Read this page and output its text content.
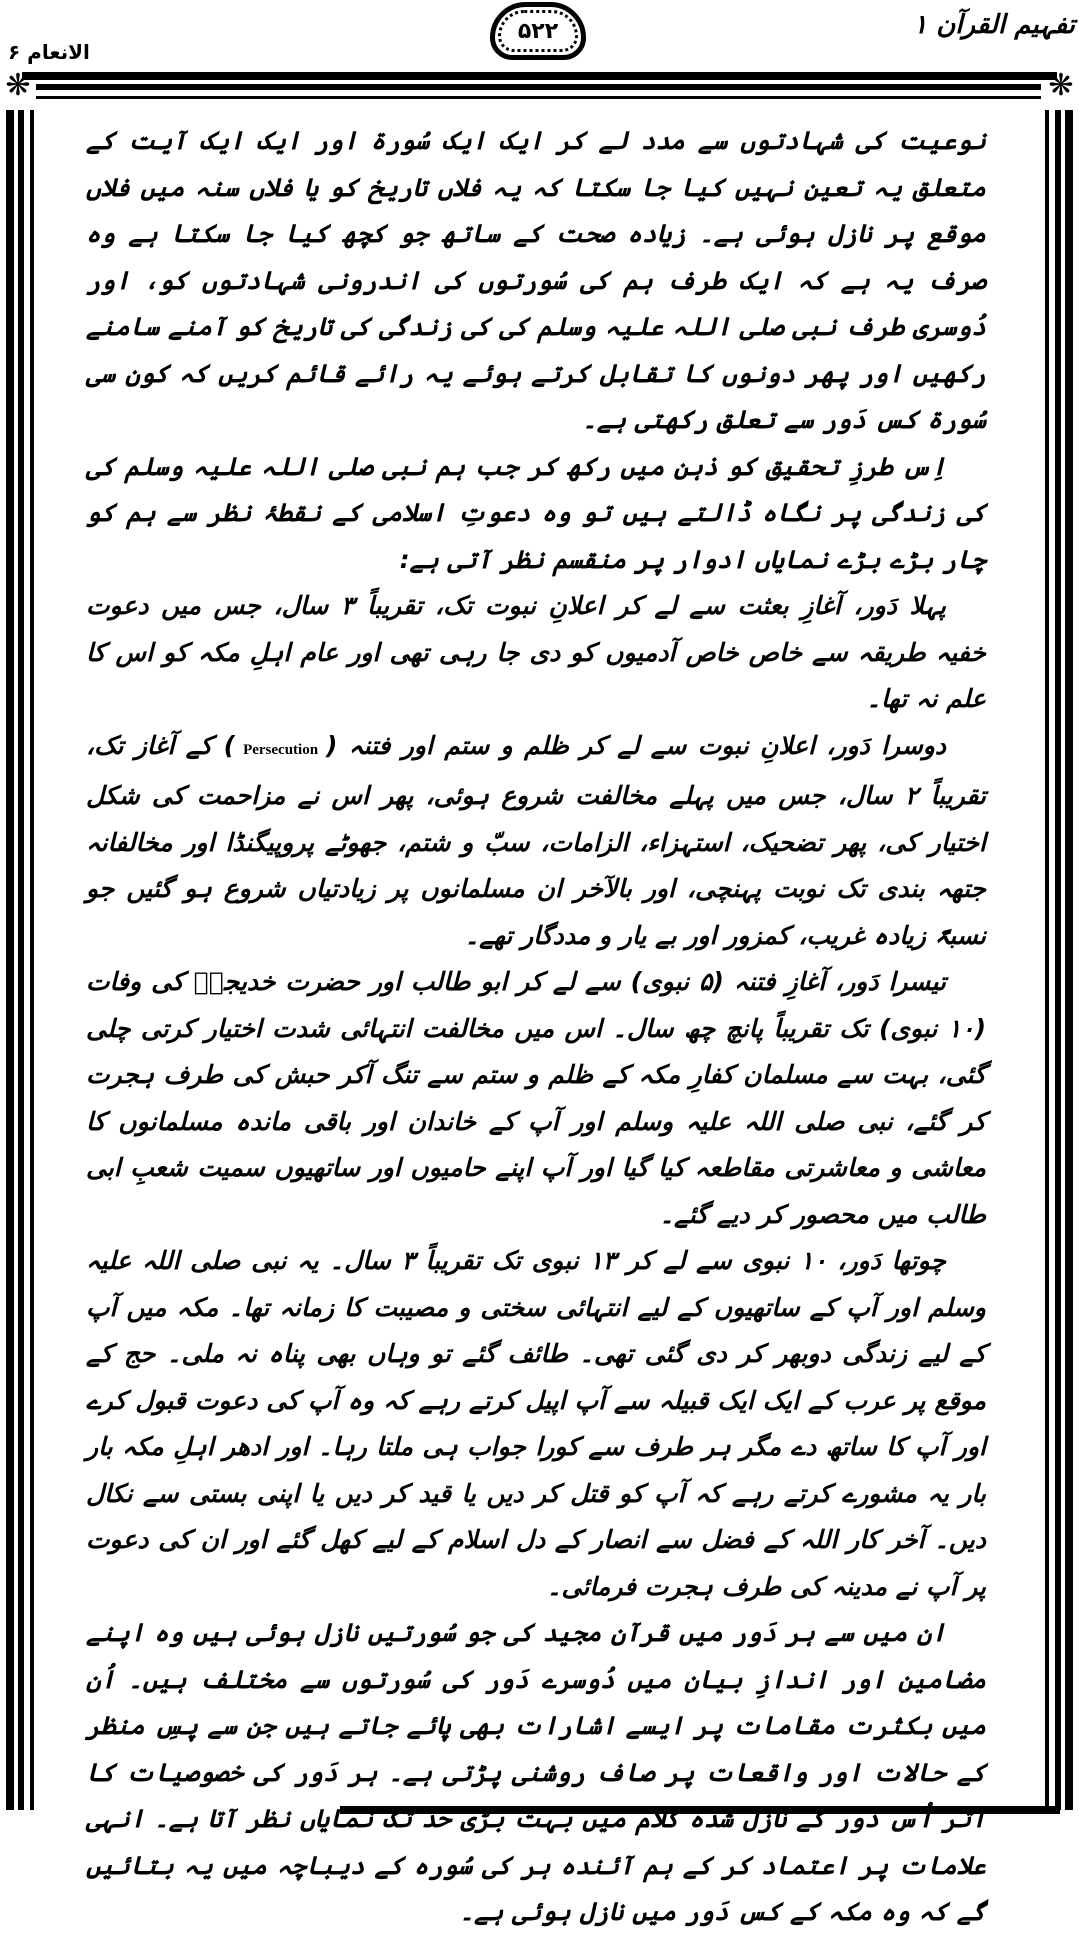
الانعام ۶
۵۲۲	تفہیم القرآن ۱
❋	❋

نوعیت کی شہادتوں سے مدد لے کر ایک ایک سُورۃ اور ایک ایک آیت کے متعلق یہ تعین نہیں کیا جا سکتا کہ یہ فلاں تاریخ کو یا فلاں سنہ میں فلاں موقع پر نازل ہوئی ہے۔ زیادہ صحت کے ساتھ جو کچھ کیا جا سکتا ہے وہ صرف یہ ہے کہ ایک طرف ہم کی سُورتوں کی اندرونی شہادتوں کو، اور دُوسری طرف نبی صلی اللہ علیہ وسلم کی کی زندگی کی تاریخ کو آمنے سامنے رکھیں اور پھر دونوں کا تقابل کرتے ہوئے یہ رائے قائم کریں کہ کون سی سُورۃ کس دَور سے تعلق رکھتی ہے۔

اِس طرزِ تحقیق کو ذہن میں رکھ کر جب ہم نبی صلی اللہ علیہ وسلم کی کی زندگی پر نگاہ ڈالتے ہیں تو وہ دعوتِ اسلامی کے نقطۂ نظر سے ہم کو چار بڑے بڑے نمایاں ادوار پر منقسم نظر آتی ہے:

پہلا دَور، آغازِ بعثت سے لے کر اعلانِ نبوت تک، تقریباً ۳ سال، جس میں دعوت خفیہ طریقہ سے خاص خاص آدمیوں کو دی جا رہی تھی اور عام اہلِ مکہ کو اس کا علم نہ تھا۔

دوسرا دَور، اعلانِ نبوت سے لے کر ظلم و ستم اور فتنہ (Persecution) کے آغاز تک، تقریباً ۲ سال، جس میں پہلے مخالفت شروع ہوئی، پھر اس نے مزاحمت کی شکل اختیار کی، پھر تضحیک، استہزاء، الزامات، سبّ و شتم، جھوٹے پروپیگنڈا اور مخالفانہ جتھہ بندی تک نوبت پہنچی، اور بالآخر ان مسلمانوں پر زیادتیاں شروع ہو گئیں جو نسبۃً زیادہ غریب، کمزور اور بے یار و مددگار تھے۔

تیسرا دَور، آغازِ فتنہ (۵ نبوی) سے لے کر ابو طالب اور حضرت خدیجہؓ کی وفات (۱۰ نبوی) تک تقریباً پانچ چھ سال۔ اس میں مخالفت انتہائی شدت اختیار کرتی چلی گئی، بہت سے مسلمان کفارِ مکہ کے ظلم و ستم سے تنگ آکر حبش کی طرف ہجرت کر گئے، نبی صلی اللہ علیہ وسلم اور آپ کے خاندان اور باقی ماندہ مسلمانوں کا معاشی و معاشرتی مقاطعہ کیا گیا اور آپ اپنے حامیوں اور ساتھیوں سمیت شعبِ ابی طالب میں محصور کر دیے گئے۔

چوتھا دَور، ۱۰ نبوی سے لے کر ۱۳ نبوی تک تقریباً ۳ سال۔ یہ نبی صلی اللہ علیہ وسلم اور آپ کے ساتھیوں کے لیے انتہائی سختی و مصیبت کا زمانہ تھا۔ مکہ میں آپ کے لیے زندگی دوبھر کر دی گئی تھی۔ طائف گئے تو وہاں بھی پناہ نہ ملی۔ حج کے موقع پر عرب کے ایک ایک قبیلہ سے آپ اپیل کرتے رہے کہ وہ آپ کی دعوت قبول کرے اور آپ کا ساتھ دے مگر ہر طرف سے کورا جواب ہی ملتا رہا۔ اور ادھر اہلِ مکہ بار بار یہ مشورے کرتے رہے کہ آپ کو قتل کر دیں یا قید کر دیں یا اپنی بستی سے نکال دیں۔ آخر کار اللہ کے فضل سے انصار کے دل اسلام کے لیے کھل گئے اور ان کی دعوت پر آپ نے مدینہ کی طرف ہجرت فرمائی۔

ان میں سے ہر دَور میں قرآن مجید کی جو سُورتیں نازل ہوئی ہیں وہ اپنے مضامین اور اندازِ بیان میں دُوسرے دَور کی سُورتوں سے مختلف ہیں۔ اُن میں بکثرت مقامات پر ایسے اشارات بھی پائے جاتے ہیں جن سے پسِ منظر کے حالات اور واقعات پر صاف روشنی پڑتی ہے۔ ہر دَور کی خصوصیات کا اثر اُس دَور کے نازل شدہ کلام میں بہت بڑی حد تک نمایاں نظر آتا ہے۔ انہی علامات پر اعتماد کر کے ہم آئندہ ہر کی سُورہ کے دیباچہ میں یہ بتائیں گے کہ وہ مکہ کے کس دَور میں نازل ہوئی ہے۔
